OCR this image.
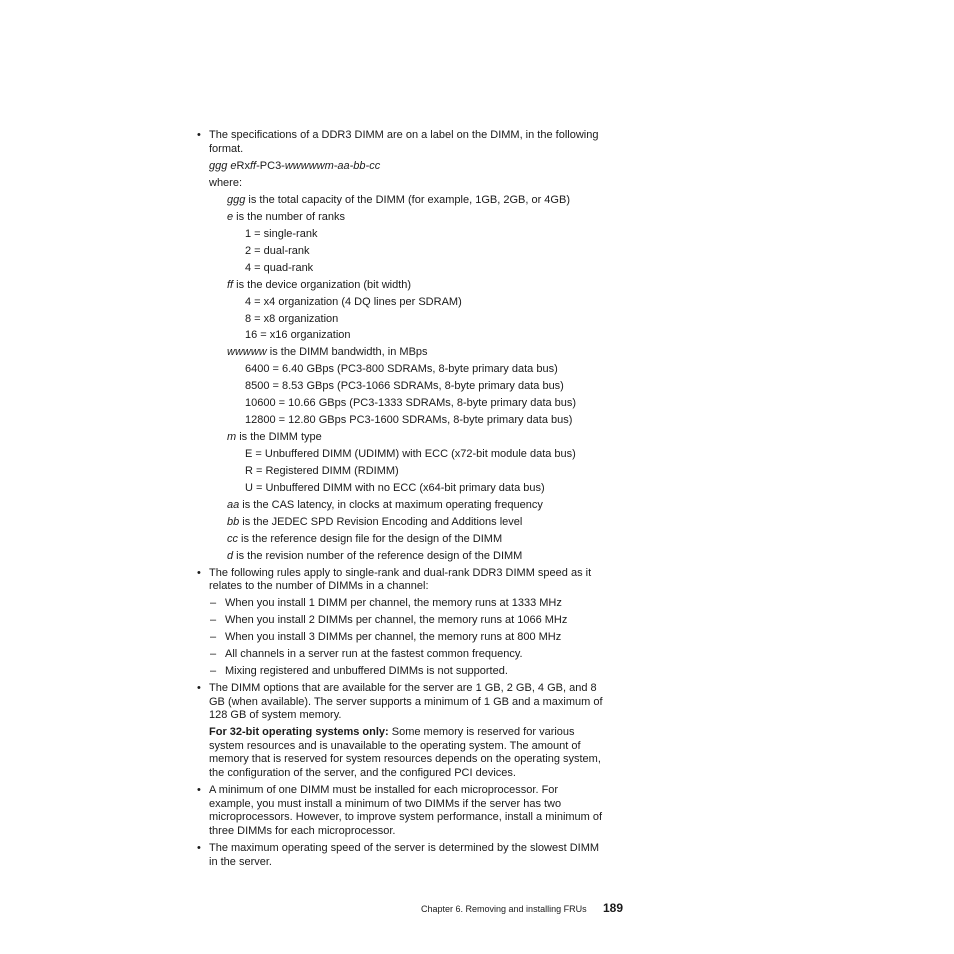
• The specifications of a DDR3 DIMM are on a label on the DIMM, in the following
format.
ggg eRxff-PC3-wwwwwm-aa-bb-cc
where:
ggg is the total capacity of the DIMM (for example, 1GB, 2GB, or 4GB)
e is the number of ranks
1 = single-rank
2 = dual-rank
4 = quad-rank
ff is the device organization (bit width)
4 = x4 organization (4 DQ lines per SDRAM)
8 = x8 organization
16 = x16 organization
wwwww is the DIMM bandwidth, in MBps
6400 = 6.40 GBps (PC3-800 SDRAMs, 8-byte primary data bus)
8500 = 8.53 GBps (PC3-1066 SDRAMs, 8-byte primary data bus)
10600 = 10.66 GBps (PC3-1333 SDRAMs, 8-byte primary data bus)
12800 = 12.80 GBps PC3-1600 SDRAMs, 8-byte primary data bus)
m is the DIMM type
E = Unbuffered DIMM (UDIMM) with ECC (x72-bit module data bus)
R = Registered DIMM (RDIMM)
U = Unbuffered DIMM with no ECC (x64-bit primary data bus)
aa is the CAS latency, in clocks at maximum operating frequency
bb is the JEDEC SPD Revision Encoding and Additions level
cc is the reference design file for the design of the DIMM
d is the revision number of the reference design of the DIMM
• The following rules apply to single-rank and dual-rank DDR3 DIMM speed as it
relates to the number of DIMMs in a channel:
– When you install 1 DIMM per channel, the memory runs at 1333 MHz
– When you install 2 DIMMs per channel, the memory runs at 1066 MHz
– When you install 3 DIMMs per channel, the memory runs at 800 MHz
– All channels in a server run at the fastest common frequency.
– Mixing registered and unbuffered DIMMs is not supported.
• The DIMM options that are available for the server are 1 GB, 2 GB, 4 GB, and 8
GB (when available). The server supports a minimum of 1 GB and a maximum of
128 GB of system memory.
For 32-bit operating systems only: Some memory is reserved for various
system resources and is unavailable to the operating system. The amount of
memory that is reserved for system resources depends on the operating system,
the configuration of the server, and the configured PCI devices.
• A minimum of one DIMM must be installed for each microprocessor. For
example, you must install a minimum of two DIMMs if the server has two
microprocessors. However, to improve system performance, install a minimum of
three DIMMs for each microprocessor.
• The maximum operating speed of the server is determined by the slowest DIMM
in the server.
Chapter 6. Removing and installing FRUs 189
